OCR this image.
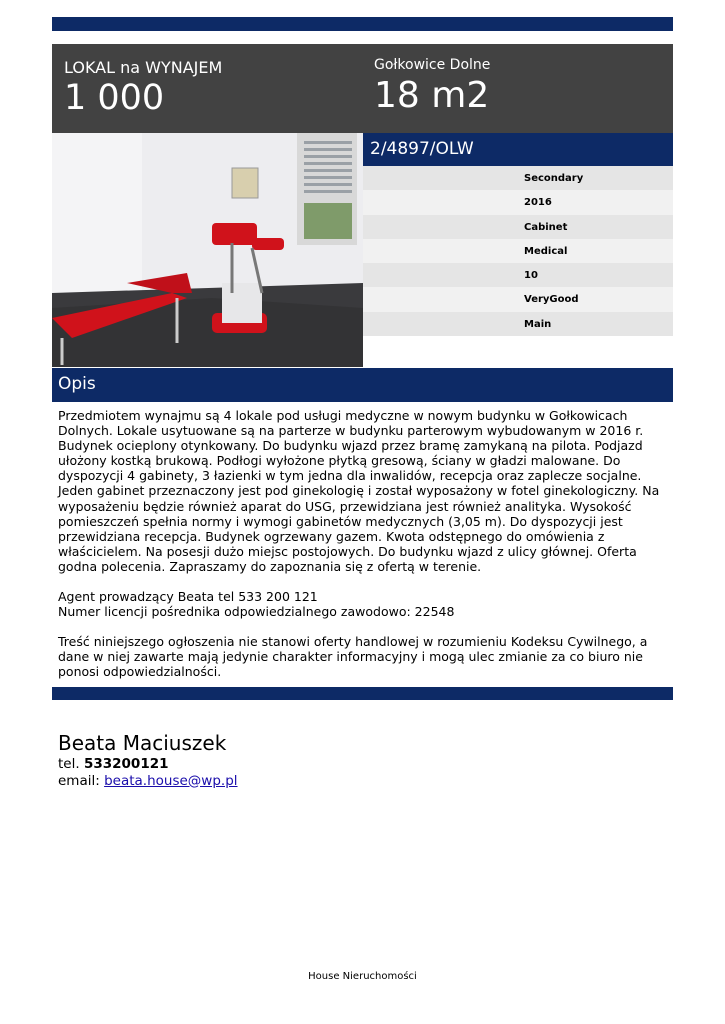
LOKAL na WYNAJEM
1 000
Gołkowice Dolne
18 m2
2/4897/OLW
Secondary
2016
Cabinet
Medical
10
VeryGood
Main
Opis

Przedmiotem wynajmu są 4 lokale pod usługi medyczne w nowym budynku w Gołkowicach Dolnych. Lokale usytuowane są na parterze w budynku parterowym wybudowanym w 2016 r. Budynek ocieplony otynkowany. Do budynku wjazd przez bramę zamykaną na pilota. Podjazd ułożony kostką brukową. Podłogi wyłożone płytką gresową, ściany w gładzi malowane. Do dyspozycji 4 gabinety, 3 łazienki w tym jedna dla inwalidów, recepcja oraz zaplecze socjalne. Jeden gabinet przeznaczony jest pod ginekologię i został wyposażony w fotel ginekologiczny. Na wyposażeniu będzie również aparat do USG, przewidziana jest również analityka. Wysokość pomieszczeń spełnia normy i wymogi gabinetów medycznych (3,05 m). Do dyspozycji jest przewidziana recepcja. Budynek ogrzewany gazem. Kwota odstępnego do omówienia z właścicielem. Na posesji dużo miejsc postojowych. Do budynku wjazd z ulicy głównej. Oferta godna polecenia. Zapraszamy do zapoznania się z ofertą w terenie.

Agent prowadzący Beata tel 533 200 121
Numer licencji pośrednika odpowiedzialnego zawodowo: 22548

Treść niniejszego ogłoszenia nie stanowi oferty handlowej w rozumieniu Kodeksu Cywilnego, a dane w niej zawarte mają jedynie charakter informacyjny i mogą ulec zmianie za co biuro nie ponosi odpowiedzialności.

Beata Maciuszek
tel. 533200121
email: beata.house@wp.pl
House Nieruchomości
